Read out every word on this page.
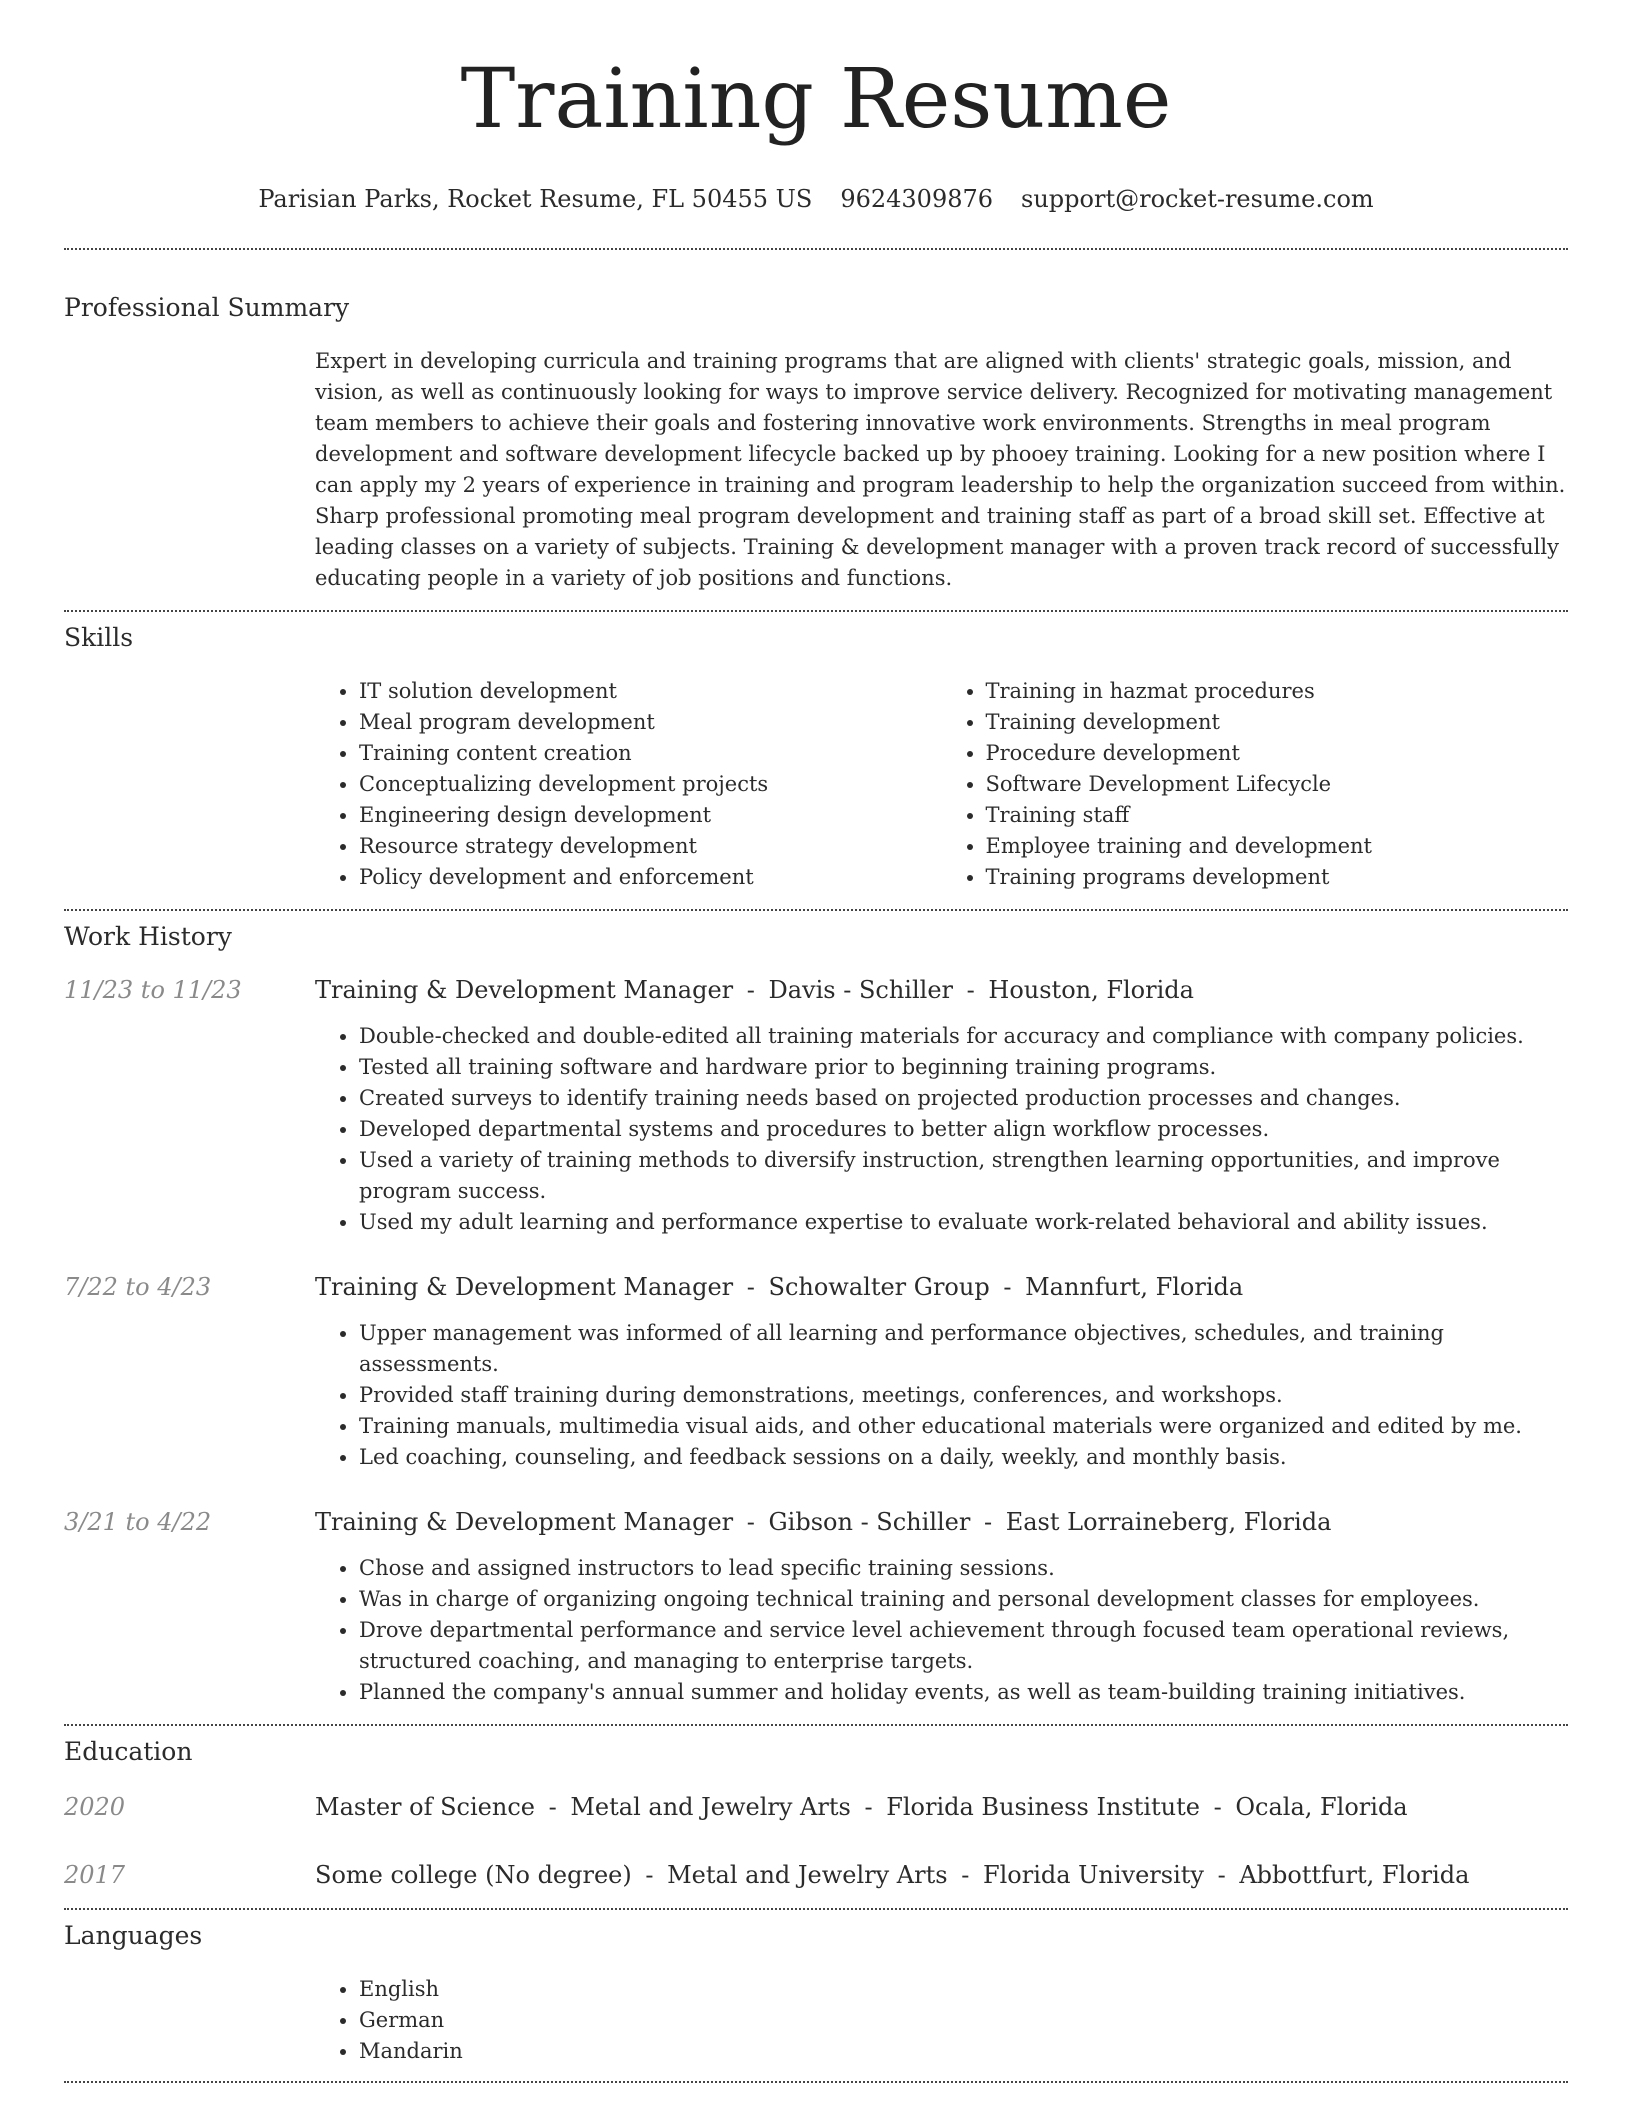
Training Resume
Parisian Parks, Rocket Resume, FL 50455 US 9624309876 support@rocket-resume.com
Professional Summary

Expert in developing curricula and training programs that are aligned with clients' strategic goals, mission, and vision, as well as continuously looking for ways to improve service delivery. Recognized for motivating management team members to achieve their goals and fostering innovative work environments. Strengths in meal program development and software development lifecycle backed up by phooey training. Looking for a new position where I can apply my 2 years of experience in training and program leadership to help the organization succeed from within. Sharp professional promoting meal program development and training staff as part of a broad skill set. Effective at leading classes on a variety of subjects. Training & development manager with a proven track record of successfully educating people in a variety of job positions and functions.

Skills
• IT solution development
• Meal program development
• Training content creation
• Conceptualizing development projects
• Engineering design development
• Resource strategy development
• Policy development and enforcement
• Training in hazmat procedures
• Training development
• Procedure development
• Software Development Lifecycle
• Training staff
• Employee training and development
• Training programs development
Work History
11/23 to 11/23	Training & Development Manager - Davis - Schiller - Houston, Florida

• Double-checked and double-edited all training materials for accuracy and compliance with company policies.
• Tested all training software and hardware prior to beginning training programs.
• Created surveys to identify training needs based on projected production processes and changes.
• Developed departmental systems and procedures to better align workflow processes.
• Used a variety of training methods to diversify instruction, strengthen learning opportunities, and improve program success.
• Used my adult learning and performance expertise to evaluate work-related behavioral and ability issues.
7/22 to 4/23	Training & Development Manager - Schowalter Group - Mannfurt, Florida

• Upper management was informed of all learning and performance objectives, schedules, and training assessments.
• Provided staff training during demonstrations, meetings, conferences, and workshops.
• Training manuals, multimedia visual aids, and other educational materials were organized and edited by me.
• Led coaching, counseling, and feedback sessions on a daily, weekly, and monthly basis.
3/21 to 4/22	Training & Development Manager - Gibson - Schiller - East Lorraineberg, Florida

• Chose and assigned instructors to lead specific training sessions.
• Was in charge of organizing ongoing technical training and personal development classes for employees.
• Drove departmental performance and service level achievement through focused team operational reviews, structured coaching, and managing to enterprise targets.
• Planned the company's annual summer and holiday events, as well as team-building training initiatives.
Education
2020	Master of Science - Metal and Jewelry Arts - Florida Business Institute - Ocala, Florida

2017	Some college (No degree) - Metal and Jewelry Arts - Florida University - Abbottfurt, Florida

Languages
• English
• German
• Mandarin
